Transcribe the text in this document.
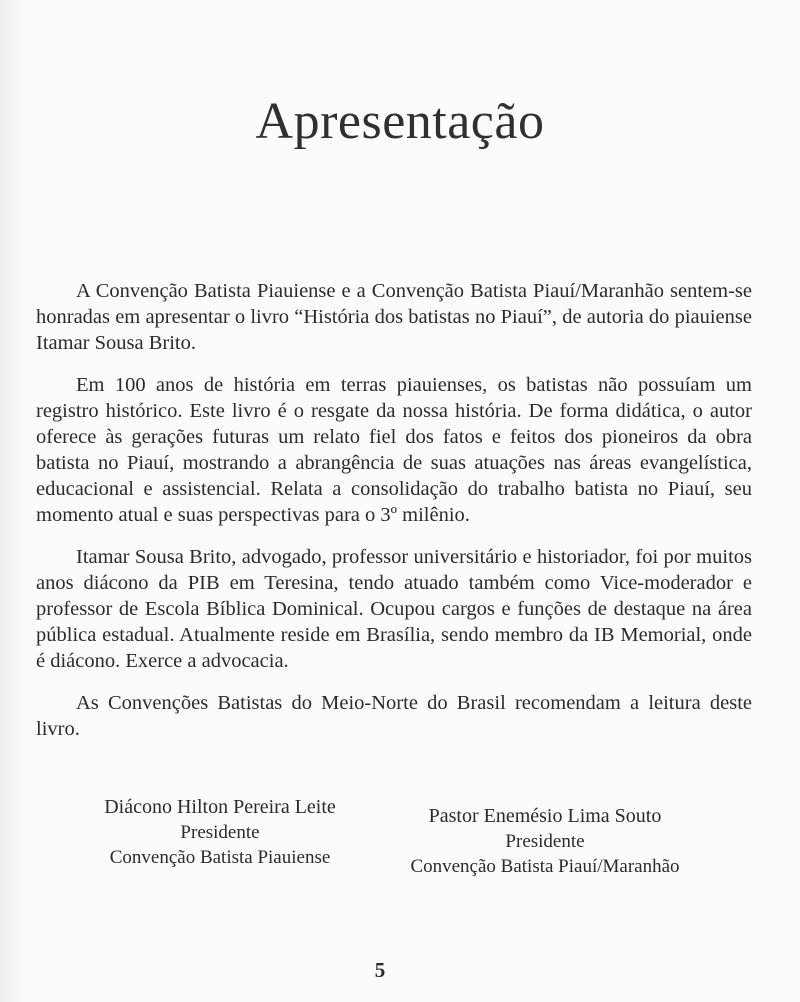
Apresentação

A Convenção Batista Piauiense e a Convenção Batista Piauí/Maranhão sentem-se honradas em apresentar o livro “História dos batistas no Piauí”, de autoria do piauiense Itamar Sousa Brito.

Em 100 anos de história em terras piauienses, os batistas não possuíam um registro histórico. Este livro é o resgate da nossa história. De forma didática, o autor oferece às gerações futuras um relato fiel dos fatos e feitos dos pioneiros da obra batista no Piauí, mostrando a abrangência de suas atuações nas áreas evangelística, educacional e assistencial. Relata a consolidação do trabalho batista no Piauí, seu momento atual e suas perspectivas para o 3º milênio.

Itamar Sousa Brito, advogado, professor universitário e historiador, foi por muitos anos diácono da PIB em Teresina, tendo atuado também como Vice-moderador e professor de Escola Bíblica Dominical. Ocupou cargos e funções de destaque na área pública estadual. Atualmente reside em Brasília, sendo membro da IB Memorial, onde é diácono. Exerce a advocacia.

As Convenções Batistas do Meio-Norte do Brasil recomendam a leitura deste livro.

Diácono Hilton Pereira Leite
Presidente
Convenção Batista Piauiense
Pastor Enemésio Lima Souto
Presidente
Convenção Batista Piauí/Maranhão
5
